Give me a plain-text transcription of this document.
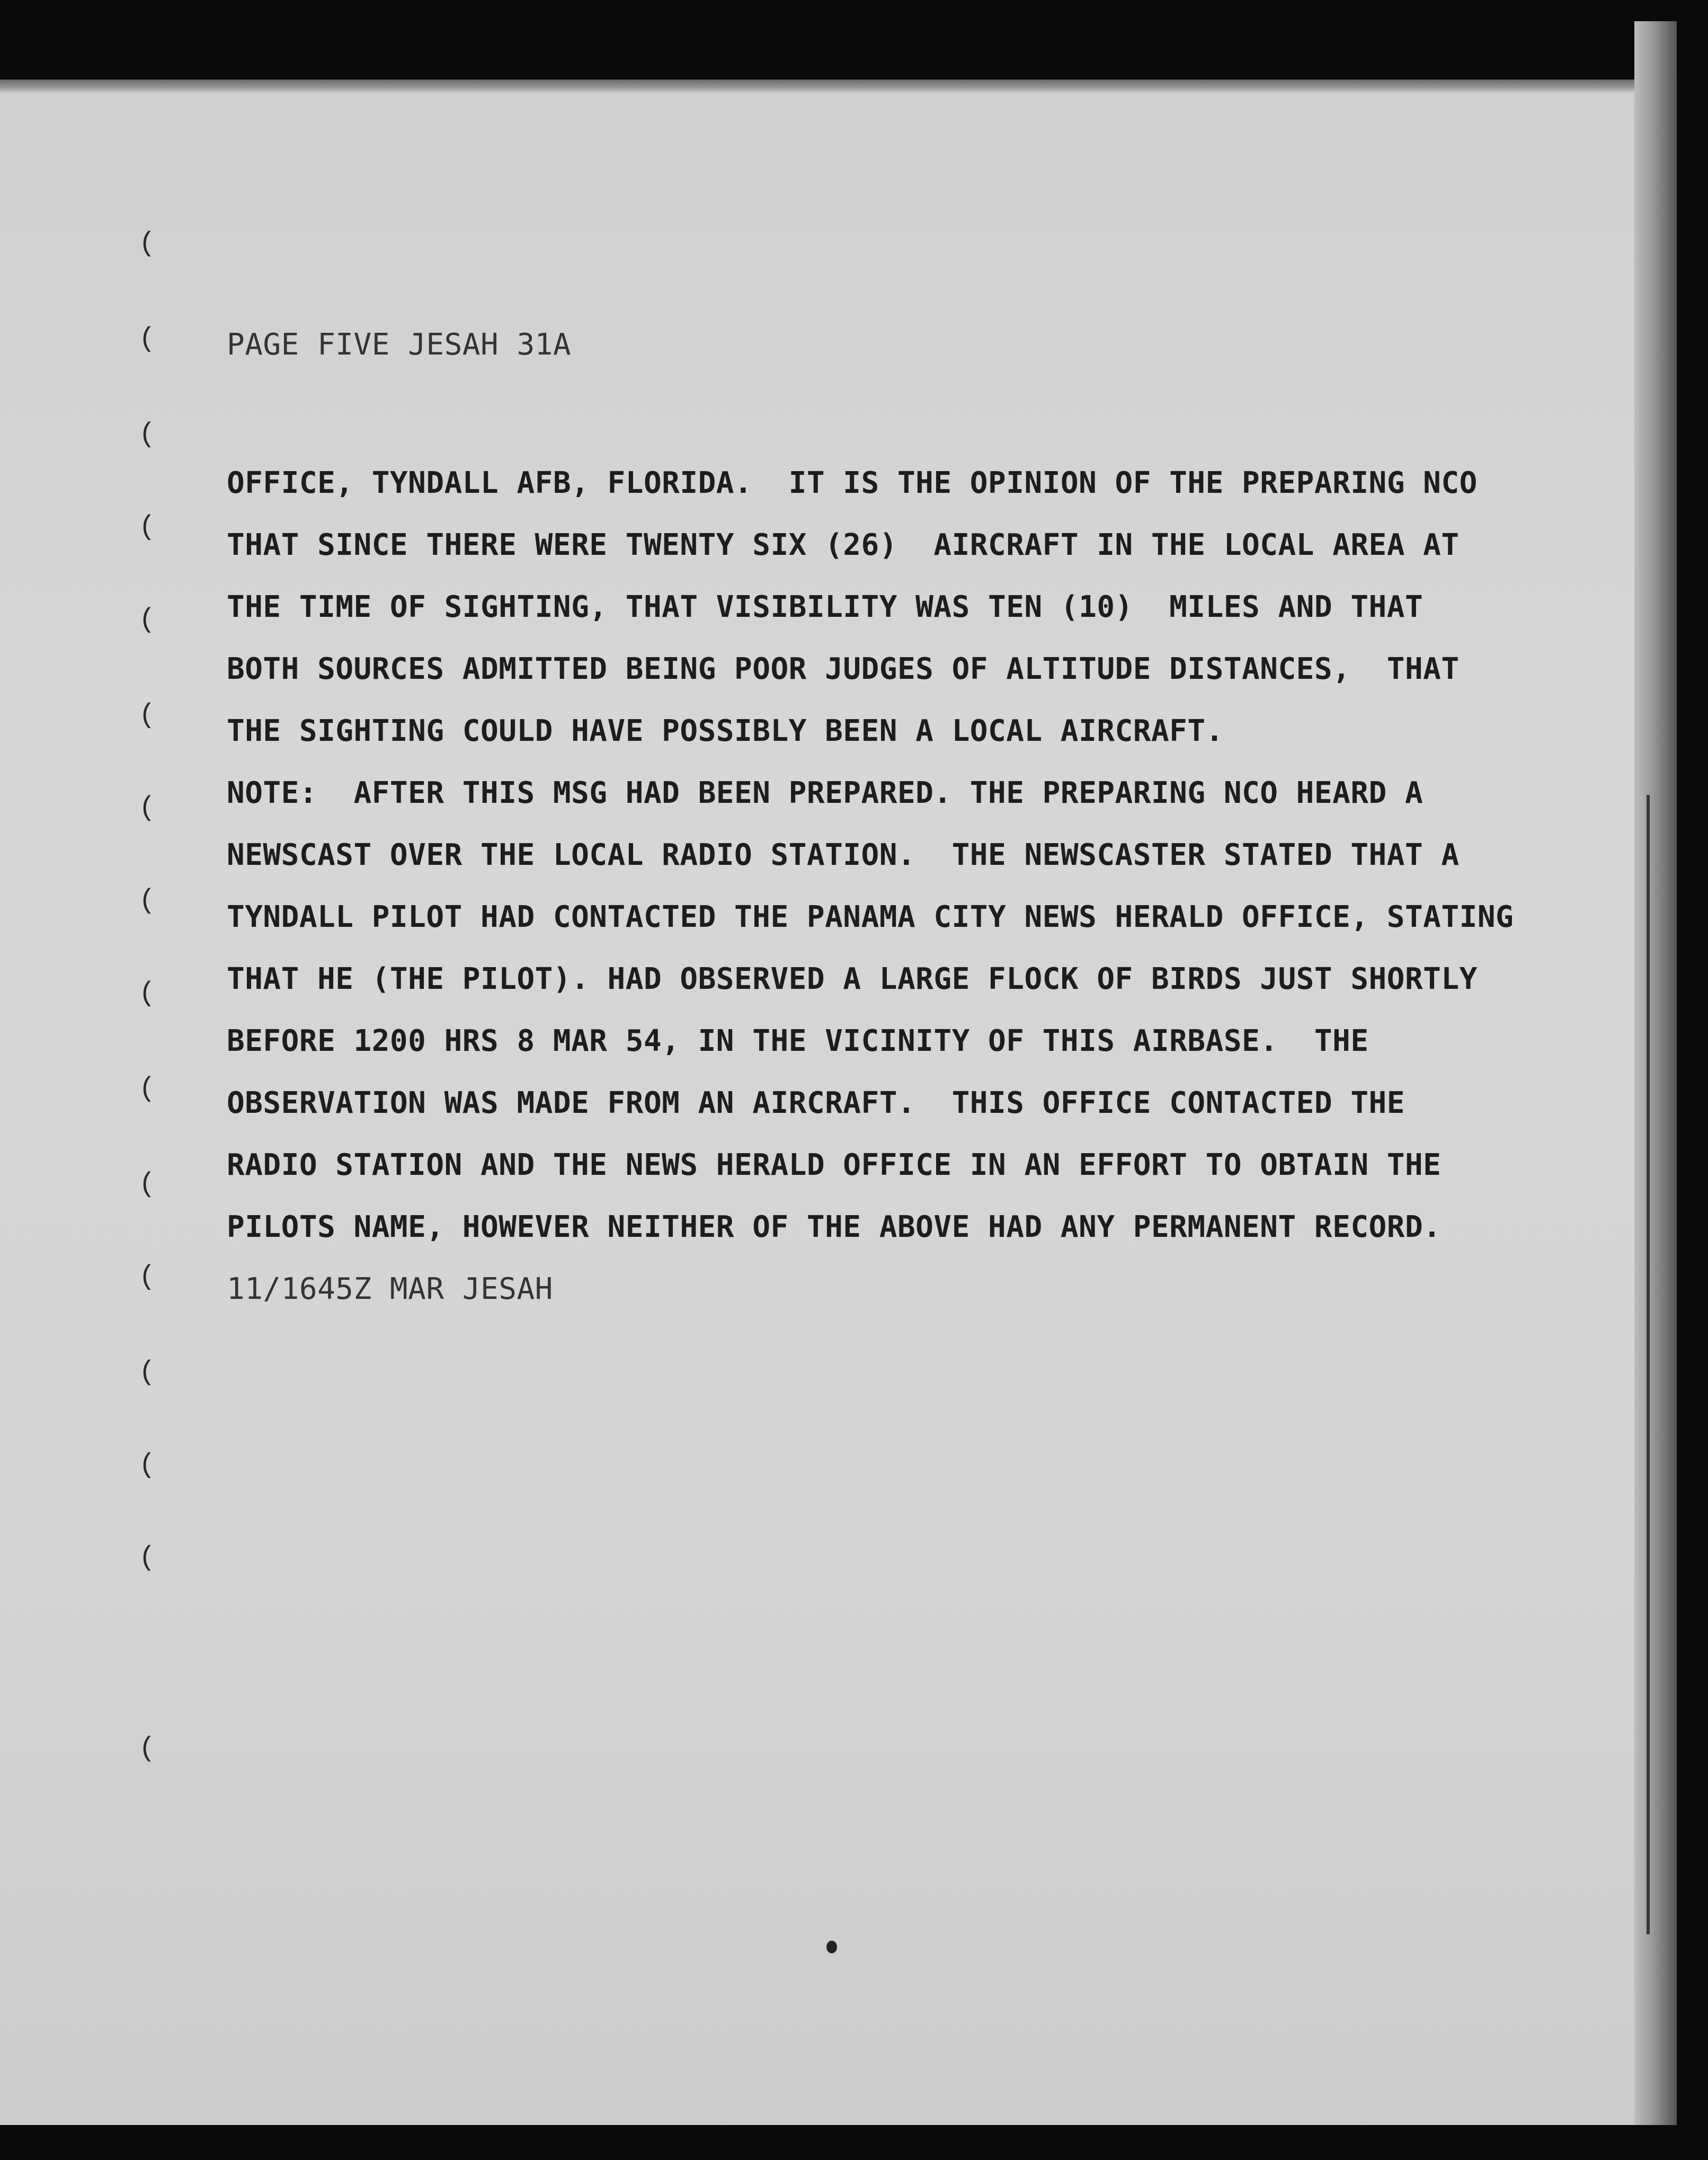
(
(
(
(
(
(
(
(
(
(
(
(
(
(
(
(
PAGE FIVE JESAH 31A
OFFICE, TYNDALL AFB, FLORIDA.  IT IS THE OPINION OF THE PREPARING NCO
THAT SINCE THERE WERE TWENTY SIX (26)  AIRCRAFT IN THE LOCAL AREA AT
THE TIME OF SIGHTING, THAT VISIBILITY WAS TEN (10)  MILES AND THAT
BOTH SOURCES ADMITTED BEING POOR JUDGES OF ALTITUDE DISTANCES,  THAT
THE SIGHTING COULD HAVE POSSIBLY BEEN A LOCAL AIRCRAFT.
NOTE:  AFTER THIS MSG HAD BEEN PREPARED. THE PREPARING NCO HEARD A
NEWSCAST OVER THE LOCAL RADIO STATION.  THE NEWSCASTER STATED THAT A
TYNDALL PILOT HAD CONTACTED THE PANAMA CITY NEWS HERALD OFFICE, STATING
THAT HE (THE PILOT). HAD OBSERVED A LARGE FLOCK OF BIRDS JUST SHORTLY
BEFORE 1200 HRS 8 MAR 54, IN THE VICINITY OF THIS AIRBASE.  THE
OBSERVATION WAS MADE FROM AN AIRCRAFT.  THIS OFFICE CONTACTED THE
RADIO STATION AND THE NEWS HERALD OFFICE IN AN EFFORT TO OBTAIN THE
PILOTS NAME, HOWEVER NEITHER OF THE ABOVE HAD ANY PERMANENT RECORD.
11/1645Z MAR JESAH
